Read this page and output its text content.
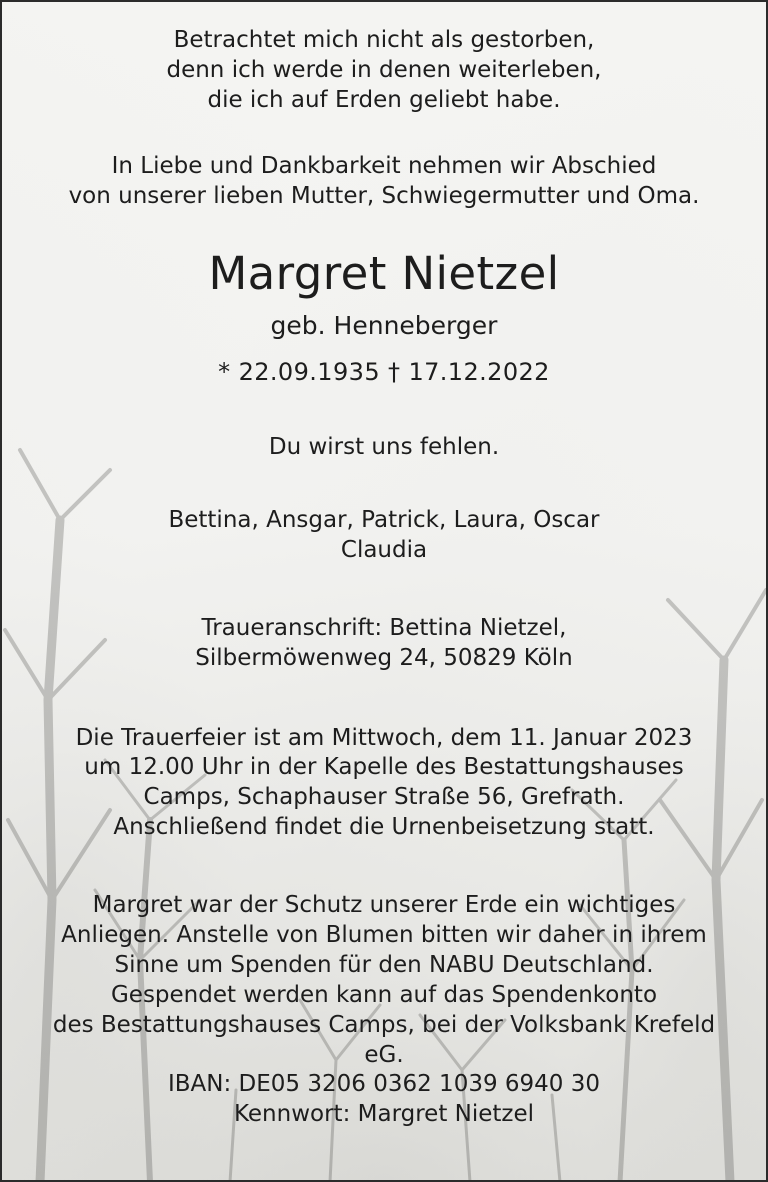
Betrachtet mich nicht als gestorben,
denn ich werde in denen weiterleben,
die ich auf Erden geliebt habe.
In Liebe und Dankbarkeit nehmen wir Abschied
von unserer lieben Mutter, Schwiegermutter und Oma.
Margret Nietzel
geb. Henneberger
* 22.09.1935 † 17.12.2022
Du wirst uns fehlen.
Bettina, Ansgar, Patrick, Laura, Oscar
Claudia
Traueranschrift: Bettina Nietzel,
Silbermöwenweg 24, 50829 Köln
Die Trauerfeier ist am Mittwoch, dem 11. Januar 2023
um 12.00 Uhr in der Kapelle des Bestattungshauses
Camps, Schaphauser Straße 56, Grefrath.
Anschließend findet die Urnenbeisetzung statt.
Margret war der Schutz unserer Erde ein wichtiges
Anliegen. Anstelle von Blumen bitten wir daher in ihrem
Sinne um Spenden für den NABU Deutschland.
Gespendet werden kann auf das Spendenkonto
des Bestattungshauses Camps, bei der Volksbank Krefeld eG.
IBAN: DE05 3206 0362 1039 6940 30
Kennwort: Margret Nietzel
